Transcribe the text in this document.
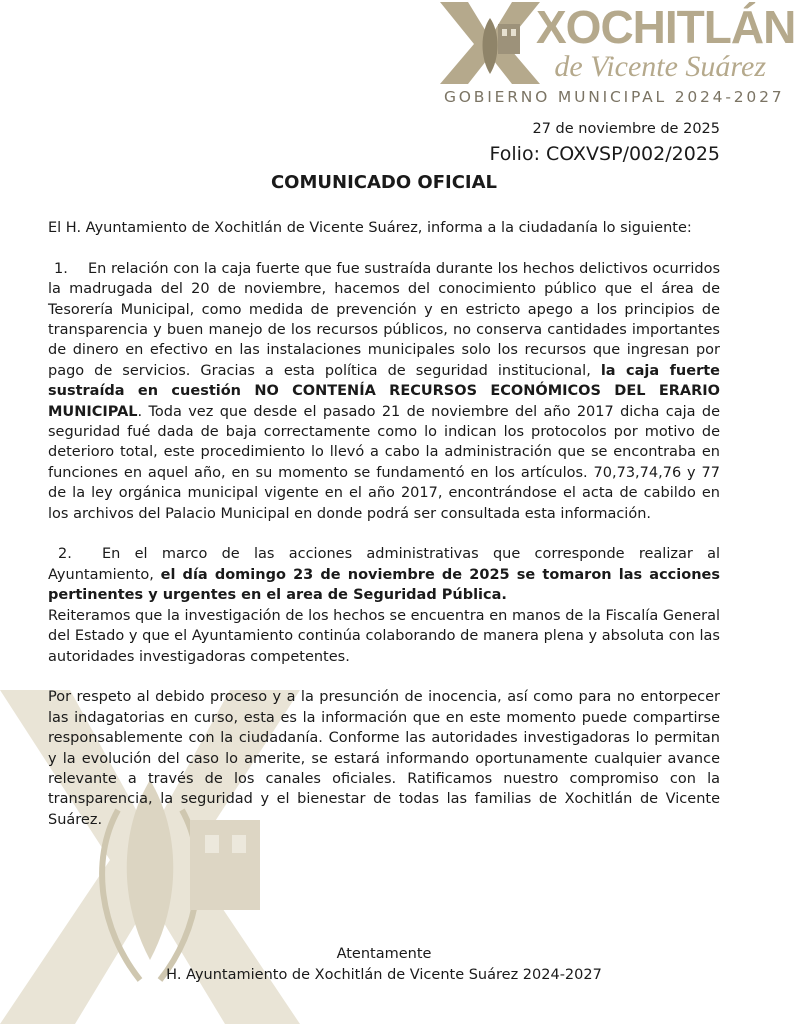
XOCHITLÁN
de Vicente Suárez
GOBIERNO MUNICIPAL 2024-2027
27 de noviembre de 2025
Folio: COXVSP/002/2025
COMUNICADO OFICIAL

El H. Ayuntamiento de Xochitlán de Vicente Suárez, informa a la ciudadanía lo siguiente:

1. En relación con la caja fuerte que fue sustraída durante los hechos delictivos ocurridos la madrugada del 20 de noviembre, hacemos del conocimiento público que el área de Tesorería Municipal, como medida de prevención y en estricto apego a los principios de transparencia y buen manejo de los recursos públicos, no conserva cantidades importantes de dinero en efectivo en las instalaciones municipales solo los recursos que ingresan por pago de servicios. Gracias a esta política de seguridad institucional, la caja fuerte sustraída en cuestión NO CONTENÍA RECURSOS ECONÓMICOS DEL ERARIO MUNICIPAL. Toda vez que desde el pasado 21 de noviembre del año 2017 dicha caja de seguridad fué dada de baja correctamente como lo indican los protocolos por motivo de deterioro total, este procedimiento lo llevó a cabo la administración que se encontraba en funciones en aquel año, en su momento se fundamentó en los artículos. 70,73,74,76 y 77 de la ley orgánica municipal vigente en el año 2017, encontrándose el acta de cabildo en los archivos del Palacio Municipal en donde podrá ser consultada esta información.

2. En el marco de las acciones administrativas que corresponde realizar al Ayuntamiento, el día domingo 23 de noviembre de 2025 se tomaron las acciones pertinentes y urgentes en el area de Seguridad Pública.

Reiteramos que la investigación de los hechos se encuentra en manos de la Fiscalía General del Estado y que el Ayuntamiento continúa colaborando de manera plena y absoluta con las autoridades investigadoras competentes.

Por respeto al debido proceso y a la presunción de inocencia, así como para no entorpecer las indagatorias en curso, esta es la información que en este momento puede compartirse responsablemente con la ciudadanía. Conforme las autoridades investigadoras lo permitan y la evolución del caso lo amerite, se estará informando oportunamente cualquier avance relevante a través de los canales oficiales. Ratificamos nuestro compromiso con la transparencia, la seguridad y el bienestar de todas las familias de Xochitlán de Vicente Suárez.

Atentamente
H. Ayuntamiento de Xochitlán de Vicente Suárez 2024-2027
